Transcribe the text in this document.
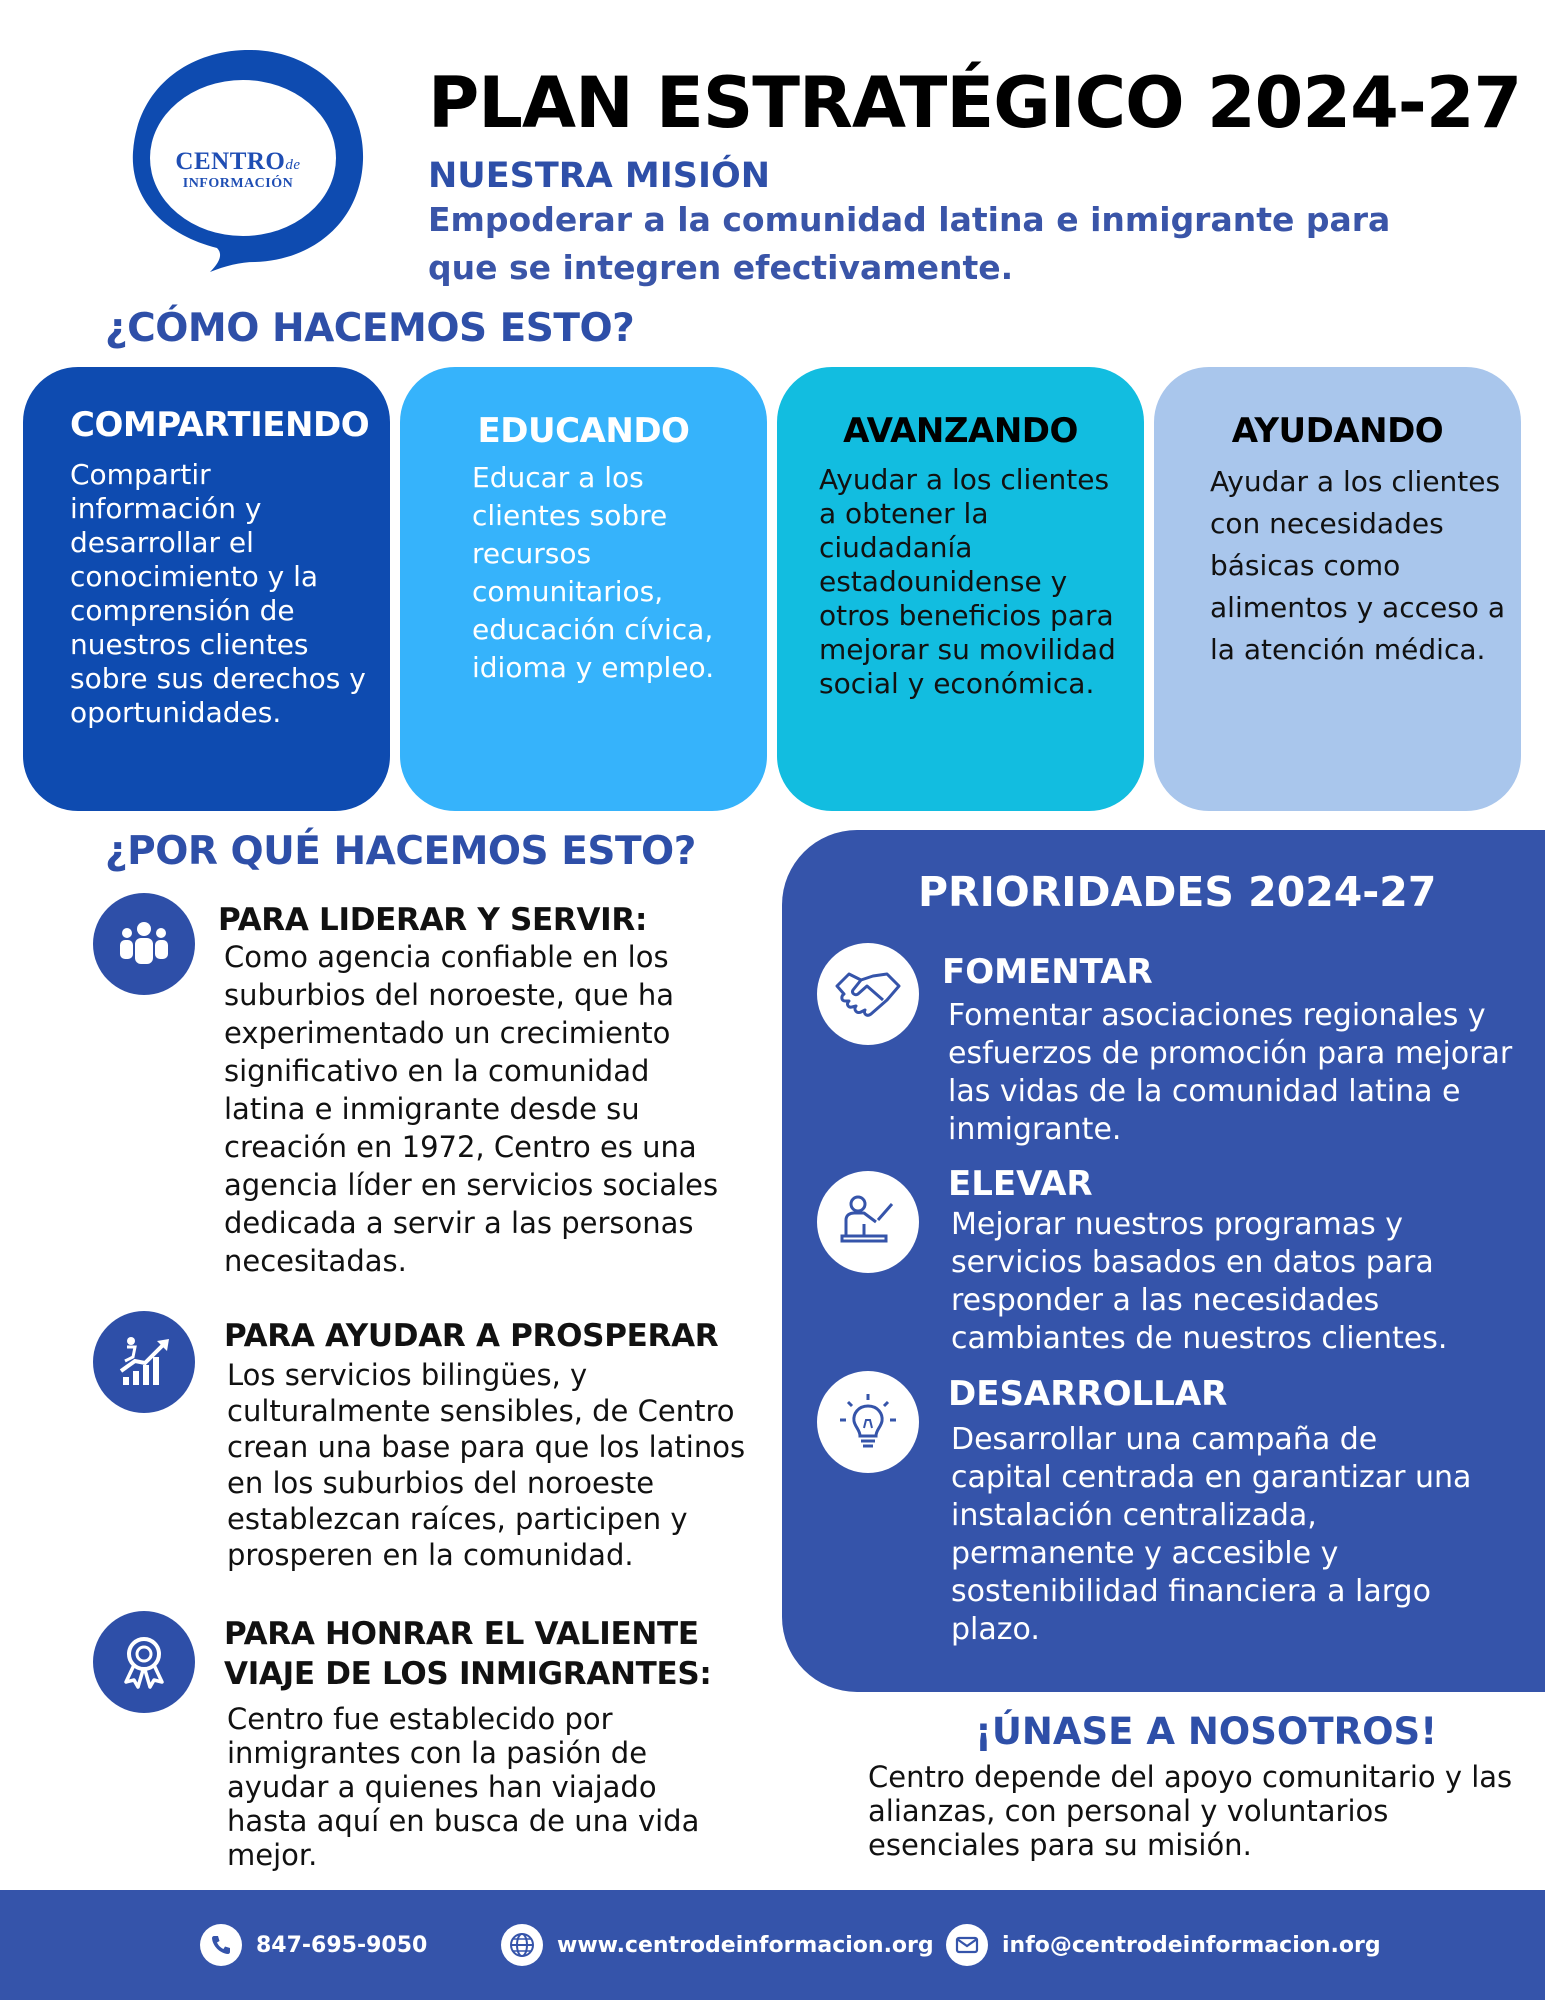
CENTROde
INFORMACIÓN
PLAN ESTRATÉGICO 2024-27
NUESTRA MISIÓN
Empoderar a la comunidad latina e inmigrante para que se integren efectivamente.
¿CÓMO HACEMOS ESTO?
COMPARTIENDO
Compartir información y desarrollar el conocimiento y la comprensión de nuestros clientes sobre sus derechos y oportunidades.
EDUCANDO
Educar a los clientes sobre recursos comunitarios, educación cívica, idioma y empleo.
AVANZANDO
Ayudar a los clientes a obtener la ciudadanía estadounidense y otros beneficios para mejorar su movilidad social y económica.
AYUDANDO
Ayudar a los clientes con necesidades básicas como alimentos y acceso a la atención médica.
¿POR QUÉ HACEMOS ESTO?
PARA LIDERAR Y SERVIR:
Como agencia confiable en los suburbios del noroeste, que ha experimentado un crecimiento significativo en la comunidad latina e inmigrante desde su creación en 1972, Centro es una agencia líder en servicios sociales dedicada a servir a las personas necesitadas.
PARA AYUDAR A PROSPERAR
Los servicios bilingües, y culturalmente sensibles, de Centro crean una base para que los latinos en los suburbios del noroeste establezcan raíces, participen y prosperen en la comunidad.
PARA HONRAR EL VALIENTE VIAJE DE LOS INMIGRANTES:
Centro fue establecido por inmigrantes con la pasión de ayudar a quienes han viajado hasta aquí en busca de una vida mejor.
PRIORIDADES 2024-27
FOMENTAR
Fomentar asociaciones regionales y esfuerzos de promoción para mejorar las vidas de la comunidad latina e inmigrante.
ELEVAR
Mejorar nuestros programas y servicios basados en datos para responder a las necesidades cambiantes de nuestros clientes.
DESARROLLAR
Desarrollar una campaña de capital centrada en garantizar una instalación centralizada, permanente y accesible y sostenibilidad financiera a largo plazo.
¡ÚNASE A NOSOTROS!
Centro depende del apoyo comunitario y las alianzas, con personal y voluntarios esenciales para su misión.
847-695-9050	www.centrodeinformacion.org	info@centrodeinformacion.org
